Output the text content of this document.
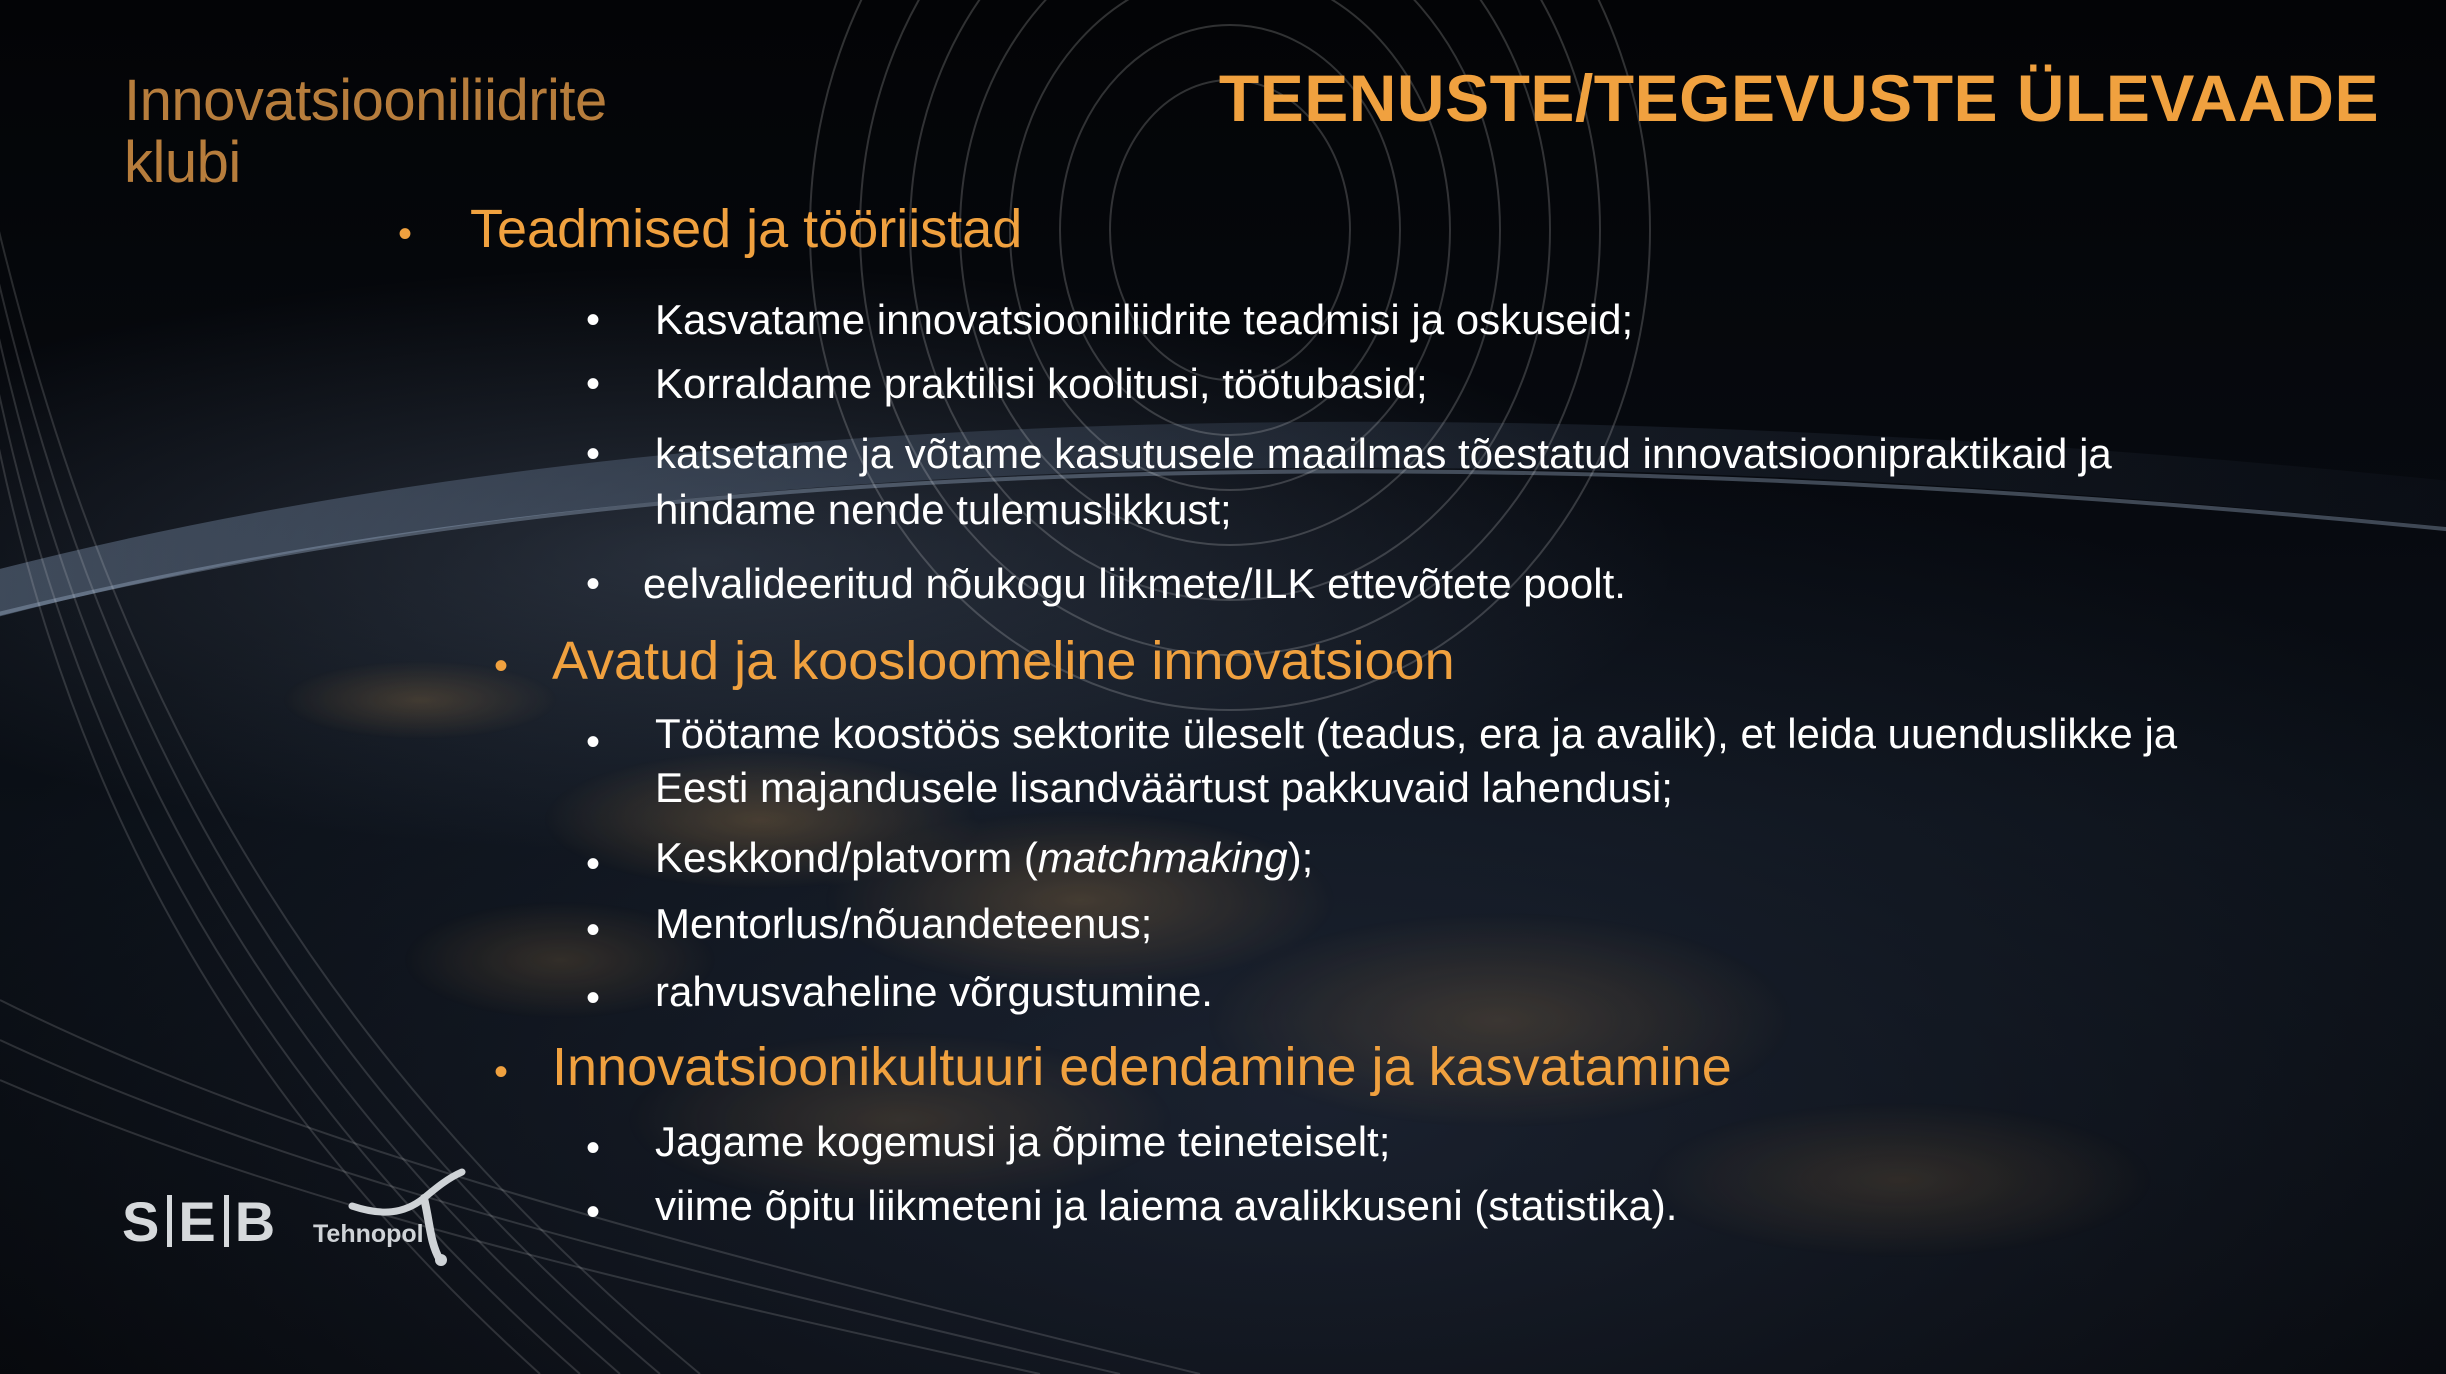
Innovatsiooniliidrite
klubi
TEENUSTE/TEGEVUSTE ÜLEVAADE
• Teadmised ja tööriistad
• Kasvatame innovatsiooniliidrite teadmisi ja oskuseid;
• Korraldame praktilisi koolitusi, töötubasid;
• katsetame ja võtame kasutusele maailmas tõestatud innovatsioonipraktikaid ja
hindame nende tulemuslikkust;
• eelvalideeritud nõukogu liikmete/ILK ettevõtete poolt.
• Avatud ja koosloomeline innovatsioon
• Töötame koostöös sektorite üleselt (teadus, era ja avalik), et leida uuenduslikke ja
Eesti majandusele lisandväärtust pakkuvaid lahendusi;
• Keskkond/platvorm (matchmaking);
• Mentorlus/nõuandeteenus;
• rahvusvaheline võrgustumine.
• Innovatsioonikultuuri edendamine ja kasvatamine
• Jagame kogemusi ja õpime teineteiselt;
• viime õpitu liikmeteni ja laiema avalikkuseni (statistika).
S E B Tehnopol
